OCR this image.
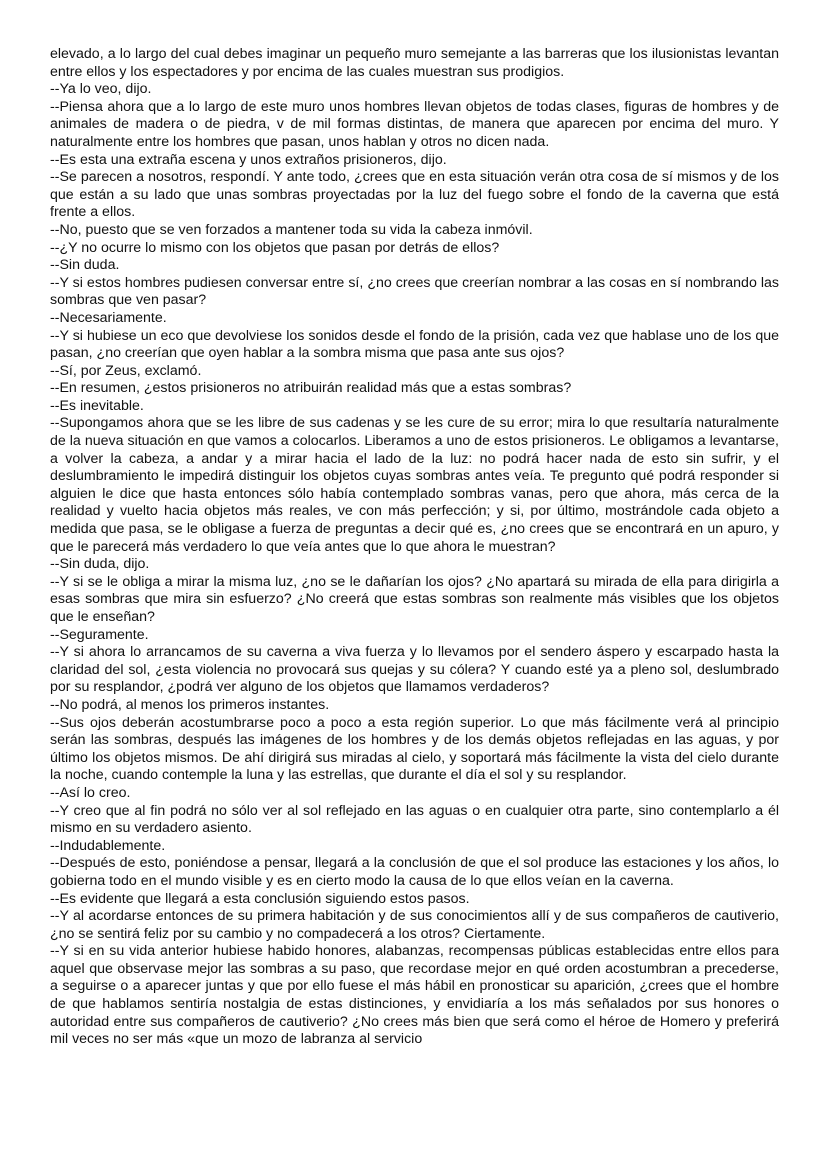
elevado, a lo largo del cual debes imaginar un pequeño muro semejante a las barreras que los ilusionistas levantan entre ellos y los espectadores y por encima de las cuales muestran sus prodigios.

--Ya lo veo, dijo.

--Piensa ahora que a lo largo de este muro unos hombres llevan objetos de todas clases, figuras de hombres y de animales de madera o de piedra, v de mil formas distintas, de manera que aparecen por encima del muro. Y naturalmente entre los hombres que pasan, unos hablan y otros no dicen nada.

--Es esta una extraña escena y unos extraños prisioneros, dijo.

--Se parecen a nosotros, respondí. Y ante todo, ¿crees que en esta situación verán otra cosa de sí mismos y de los que están a su lado que unas sombras proyectadas por la luz del fuego sobre el fondo de la caverna que está frente a ellos.

--No, puesto que se ven forzados a mantener toda su vida la cabeza inmóvil.

--¿Y no ocurre lo mismo con los objetos que pasan por detrás de ellos?

--Sin duda.

--Y si estos hombres pudiesen conversar entre sí, ¿no crees que creerían nombrar a las cosas en sí nombrando las sombras que ven pasar?

--Necesariamente.

--Y si hubiese un eco que devolviese los sonidos desde el fondo de la prisión, cada vez que hablase uno de los que pasan, ¿no creerían que oyen hablar a la sombra misma que pasa ante sus ojos?

--Sí, por Zeus, exclamó.

--En resumen, ¿estos prisioneros no atribuirán realidad más que a estas sombras?

--Es inevitable.

--Supongamos ahora que se les libre de sus cadenas y se les cure de su error; mira lo que resultaría naturalmente de la nueva situación en que vamos a colocarlos. Liberamos a uno de estos prisioneros. Le obligamos a levantarse, a volver la cabeza, a andar y a mirar hacia el lado de la luz: no podrá hacer nada de esto sin sufrir, y el deslumbramiento le impedirá distinguir los objetos cuyas sombras antes veía. Te pregunto qué podrá responder si alguien le dice que hasta entonces sólo había contemplado sombras vanas, pero que ahora, más cerca de la realidad y vuelto hacia objetos más reales, ve con más perfección; y si, por último, mostrándole cada objeto a medida que pasa, se le obligase a fuerza de preguntas a decir qué es, ¿no crees que se encontrará en un apuro, y que le parecerá más verdadero lo que veía antes que lo que ahora le muestran?

--Sin duda, dijo.

--Y si se le obliga a mirar la misma luz, ¿no se le dañarían los ojos? ¿No apartará su mirada de ella para dirigirla a esas sombras que mira sin esfuerzo? ¿No creerá que estas sombras son realmente más visibles que los objetos que le enseñan?

--Seguramente.

--Y si ahora lo arrancamos de su caverna a viva fuerza y lo llevamos por el sendero áspero y escarpado hasta la claridad del sol, ¿esta violencia no provocará sus quejas y su cólera? Y cuando esté ya a pleno sol, deslumbrado por su resplandor, ¿podrá ver alguno de los objetos que llamamos verdaderos?

--No podrá, al menos los primeros instantes.

--Sus ojos deberán acostumbrarse poco a poco a esta región superior. Lo que más fácilmente verá al principio serán las sombras, después las imágenes de los hombres y de los demás objetos reflejadas en las aguas, y por último los objetos mismos. De ahí dirigirá sus miradas al cielo, y soportará más fácilmente la vista del cielo durante la noche, cuando contemple la luna y las estrellas, que durante el día el sol y su resplandor.

--Así lo creo.

--Y creo que al fin podrá no sólo ver al sol reflejado en las aguas o en cualquier otra parte, sino contemplarlo a él mismo en su verdadero asiento.

--Indudablemente.

--Después de esto, poniéndose a pensar, llegará a la conclusión de que el sol produce las estaciones y los años, lo gobierna todo en el mundo visible y es en cierto modo la causa de lo que ellos veían en la caverna.

--Es evidente que llegará a esta conclusión siguiendo estos pasos.

--Y al acordarse entonces de su primera habitación y de sus conocimientos allí y de sus compañeros de cautiverio, ¿no se sentirá feliz por su cambio y no compadecerá a los otros? Ciertamente.

--Y si en su vida anterior hubiese habido honores, alabanzas, recompensas públicas establecidas entre ellos para aquel que observase mejor las sombras a su paso, que recordase mejor en qué orden acostumbran a precederse, a seguirse o a aparecer juntas y que por ello fuese el más hábil en pronosticar su aparición, ¿crees que el hombre de que hablamos sentiría nostalgia de estas distinciones, y envidiaría a los más señalados por sus honores o autoridad entre sus compañeros de cautiverio? ¿No crees más bien que será como el héroe de Homero y preferirá mil veces no ser más «que un mozo de labranza al servicio
